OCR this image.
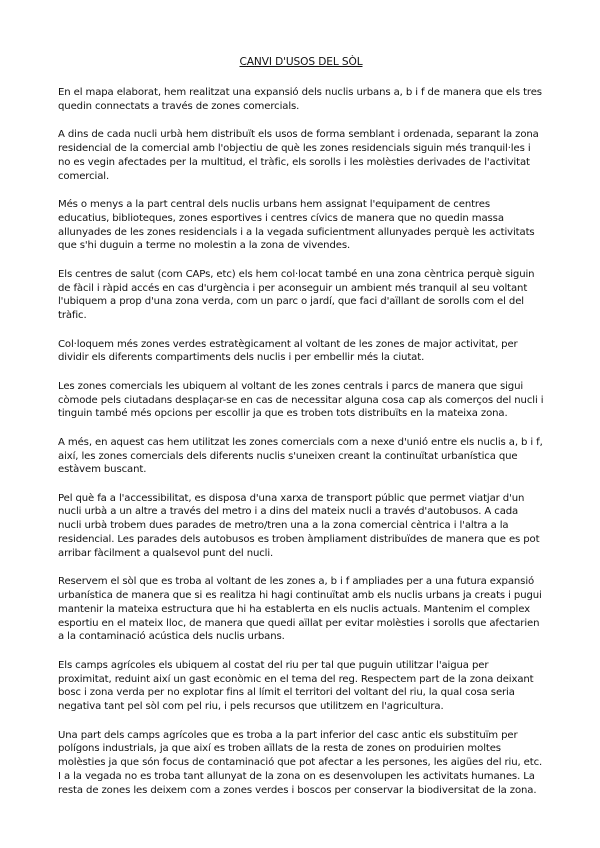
CANVI D'USOS DEL SÒL

En el mapa elaborat, hem realitzat una expansió dels nuclis urbans a, b i f de manera que els tres quedin connectats a través de zones comercials.

A dins de cada nucli urbà hem distribuït els usos de forma semblant i ordenada, separant la zona residencial de la comercial amb l'objectiu de què les zones residencials siguin més tranquil·les i no es vegin afectades per la multitud, el tràfic, els sorolls i les molèsties derivades de l'activitat comercial.

Més o menys a la part central dels nuclis urbans hem assignat l'equipament de centres educatius, biblioteques, zones esportives i centres cívics de manera que no quedin massa allunyades de les zones residencials i a la vegada suficientment allunyades perquè les activitats que s'hi duguin a terme no molestin a la zona de vivendes.

Els centres de salut (com CAPs, etc) els hem col·locat també en una zona cèntrica perquè siguin de fàcil i ràpid accés en cas d'urgència i per aconseguir un ambient més tranquil al seu voltant l'ubiquem a prop d'una zona verda, com un parc o jardí, que faci d'aïllant de sorolls com el del tràfic.

Col·loquem més zones verdes estratègicament al voltant de les zones de major activitat, per dividir els diferents compartiments dels nuclis i per embellir més la ciutat.

Les zones comercials les ubiquem al voltant de les zones centrals i parcs de manera que sigui còmode pels ciutadans desplaçar-se en cas de necessitar alguna cosa cap als comerços del nucli i tinguin també més opcions per escollir ja que es troben tots distribuïts en la mateixa zona.

A més, en aquest cas hem utilitzat les zones comercials com a nexe d'unió entre els nuclis a, b i f, així, les zones comercials dels diferents nuclis s'uneixen creant la continuïtat urbanística que estàvem buscant.

Pel què fa a l'accessibilitat, es disposa d'una xarxa de transport públic que permet viatjar d'un nucli urbà a un altre a través del metro i a dins del mateix nucli a través d'autobusos. A cada nucli urbà trobem dues parades de metro/tren una a la zona comercial cèntrica i l'altra a la residencial. Les parades dels autobusos es troben àmpliament distribuïdes de manera que es pot arribar fàcilment a qualsevol punt del nucli.

Reservem el sòl que es troba al voltant de les zones a, b i f ampliades per a una futura expansió urbanística de manera que si es realitza hi hagi continuïtat amb els nuclis urbans ja creats i pugui mantenir la mateixa estructura que hi ha establerta en els nuclis actuals. Mantenim el complex esportiu en el mateix lloc, de manera que quedi aïllat per evitar molèsties i sorolls que afectarien a la contaminació acústica dels nuclis urbans.

Els camps agrícoles els ubiquem al costat del riu per tal que puguin utilitzar l'aigua per proximitat, reduint així un gast econòmic en el tema del reg. Respectem part de la zona deixant bosc i zona verda per no explotar fins al límit el territori del voltant del riu, la qual cosa seria negativa tant pel sòl com pel riu, i pels recursos que utilitzem en l'agricultura.

Una part dels camps agrícoles que es troba a la part inferior del casc antic els substituïm per polígons industrials, ja que així es troben aïllats de la resta de zones on produirien moltes molèsties ja que són focus de contaminació que pot afectar a les persones, les aigües del riu, etc. I a la vegada no es troba tant allunyat de la zona on es desenvolupen les activitats humanes. La resta de zones les deixem com a zones verdes i boscos per conservar la biodiversitat de la zona.
